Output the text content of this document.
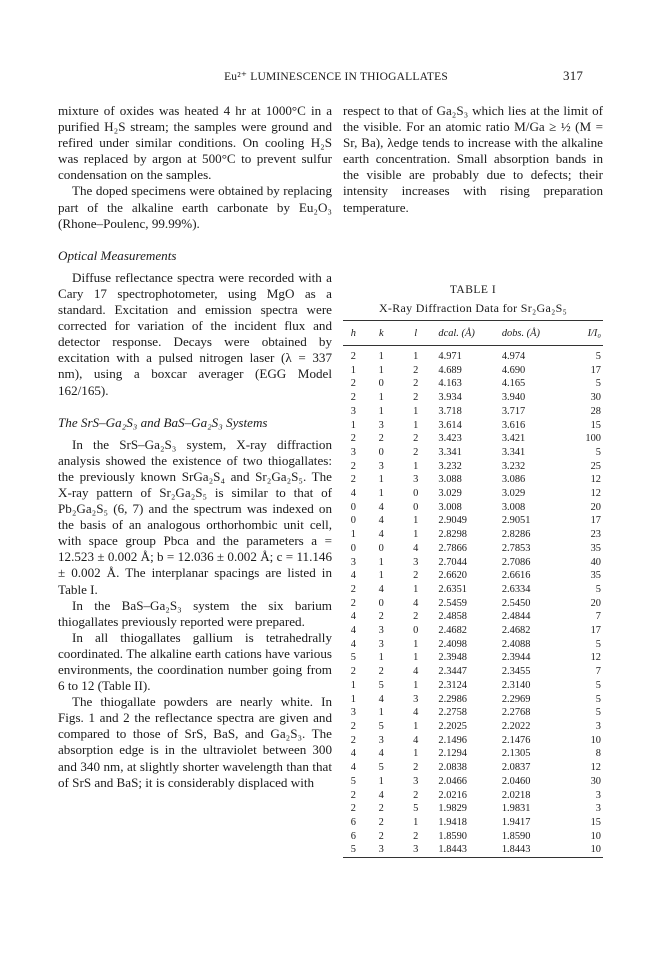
Eu²⁺ LUMINESCENCE IN THIOGALLATES	317

mixture of oxides was heated 4 hr at 1000°C in a purified H₂S stream; the samples were ground and refired under similar conditions. On cooling H₂S was replaced by argon at 500°C to prevent sulfur condensation on the samples.

The doped specimens were obtained by replacing part of the alkaline earth carbonate by Eu₂O₃ (Rhone–Poulenc, 99.99%).

Optical Measurements

Diffuse reflectance spectra were recorded with a Cary 17 spectrophotometer, using MgO as a standard. Excitation and emission spectra were corrected for variation of the incident flux and detector response. Decays were obtained by excitation with a pulsed nitrogen laser (λ = 337 nm), using a boxcar averager (EGG Model 162/165).

The SrS–Ga₂S₃ and BaS–Ga₂S₃ Systems

In the SrS–Ga₂S₃ system, X-ray diffraction analysis showed the existence of two thiogallates: the previously known SrGa₂S₄ and Sr₂Ga₂S₅. The X-ray pattern of Sr₂Ga₂S₅ is similar to that of Pb₂Ga₂S₅ (6, 7) and the spectrum was indexed on the basis of an analogous orthorhombic unit cell, with space group Pbca and the parameters a = 12.523 ± 0.002 Å; b = 12.036 ± 0.002 Å; c = 11.146 ± 0.002 Å. The interplanar spacings are listed in Table I.

In the BaS–Ga₂S₃ system the six barium thiogallates previously reported were prepared.

In all thiogallates gallium is tetrahedrally coordinated. The alkaline earth cations have various environments, the coordination number going from 6 to 12 (Table II).

The thiogallate powders are nearly white. In Figs. 1 and 2 the reflectance spectra are given and compared to those of SrS, BaS, and Ga₂S₃. The absorption edge is in the ultraviolet between 300 and 340 nm, at slightly shorter wavelength than that of SrS and BaS; it is considerably displaced with

respect to that of Ga₂S₃ which lies at the limit of the visible. For an atomic ratio M/Ga ≥ ½ (M = Sr, Ba), λedge tends to increase with the alkaline earth concentration. Small absorption bands in the visible are probably due to defects; their intensity increases with rising preparation temperature.

TABLE I
X-Ray Diffraction Data for Sr₂Ga₂S₅
h	k	l	dcal. (Å)	dobs. (Å)	I/I₀
2	1	1	4.971	4.974	5
1	1	2	4.689	4.690	17
2	0	2	4.163	4.165	5
2	1	2	3.934	3.940	30
3	1	1	3.718	3.717	28
1	3	1	3.614	3.616	15
2	2	2	3.423	3.421	100
3	0	2	3.341	3.341	5
2	3	1	3.232	3.232	25
2	1	3	3.088	3.086	12
4	1	0	3.029	3.029	12
0	4	0	3.008	3.008	20
0	4	1	2.9049	2.9051	17
1	4	1	2.8298	2.8286	23
0	0	4	2.7866	2.7853	35
3	1	3	2.7044	2.7086	40
4	1	2	2.6620	2.6616	35
2	4	1	2.6351	2.6334	5
2	0	4	2.5459	2.5450	20
4	2	2	2.4858	2.4844	7
4	3	0	2.4682	2.4682	17
4	3	1	2.4098	2.4088	5
5	1	1	2.3948	2.3944	12
2	2	4	2.3447	2.3455	7
1	5	1	2.3124	2.3140	5
1	4	3	2.2986	2.2969	5
3	1	4	2.2758	2.2768	5
2	5	1	2.2025	2.2022	3
2	3	4	2.1496	2.1476	10
4	4	1	2.1294	2.1305	8
4	5	2	2.0838	2.0837	12
5	1	3	2.0466	2.0460	30
2	4	2	2.0216	2.0218	3
2	2	5	1.9829	1.9831	3
6	2	1	1.9418	1.9417	15
6	2	2	1.8590	1.8590	10
5	3	3	1.8443	1.8443	10
